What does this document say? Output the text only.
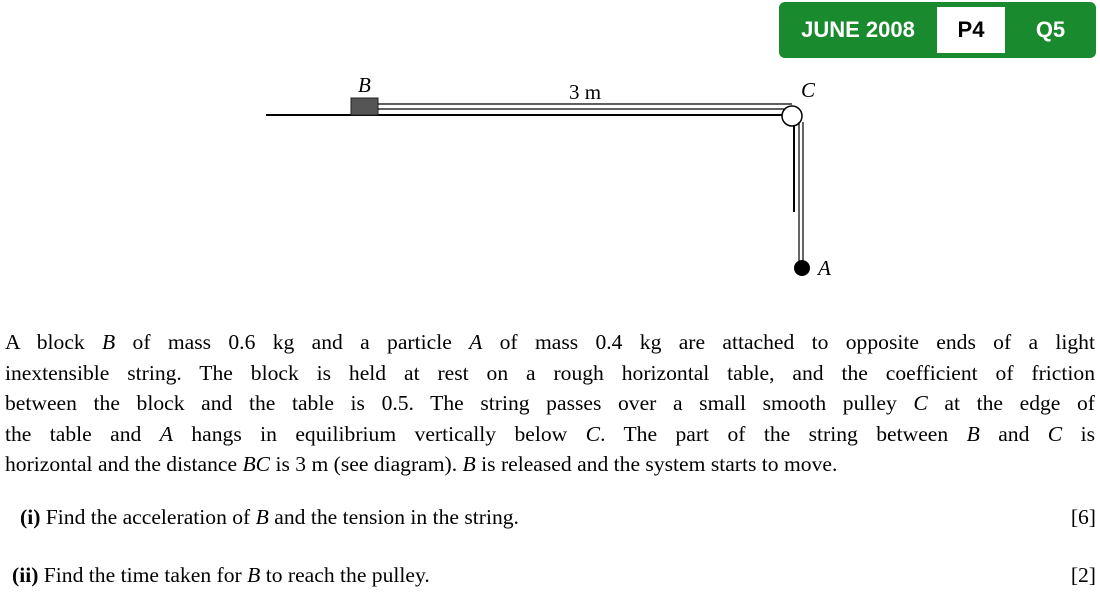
JUNE 2008	P4	Q5
B	3 m	C
A
A block B of mass 0.6 kg and a particle A of mass 0.4 kg are attached to opposite ends of a light
inextensible string. The block is held at rest on a rough horizontal table, and the coefficient of friction
between the block and the table is 0.5. The string passes over a small smooth pulley C at the edge of
the table and A hangs in equilibrium vertically below C. The part of the string between B and C is
horizontal and the distance BC is 3 m (see diagram). B is released and the system starts to move.
(i) Find the acceleration of B and the tension in the string.	[6]
(ii) Find the time taken for B to reach the pulley.	[2]
